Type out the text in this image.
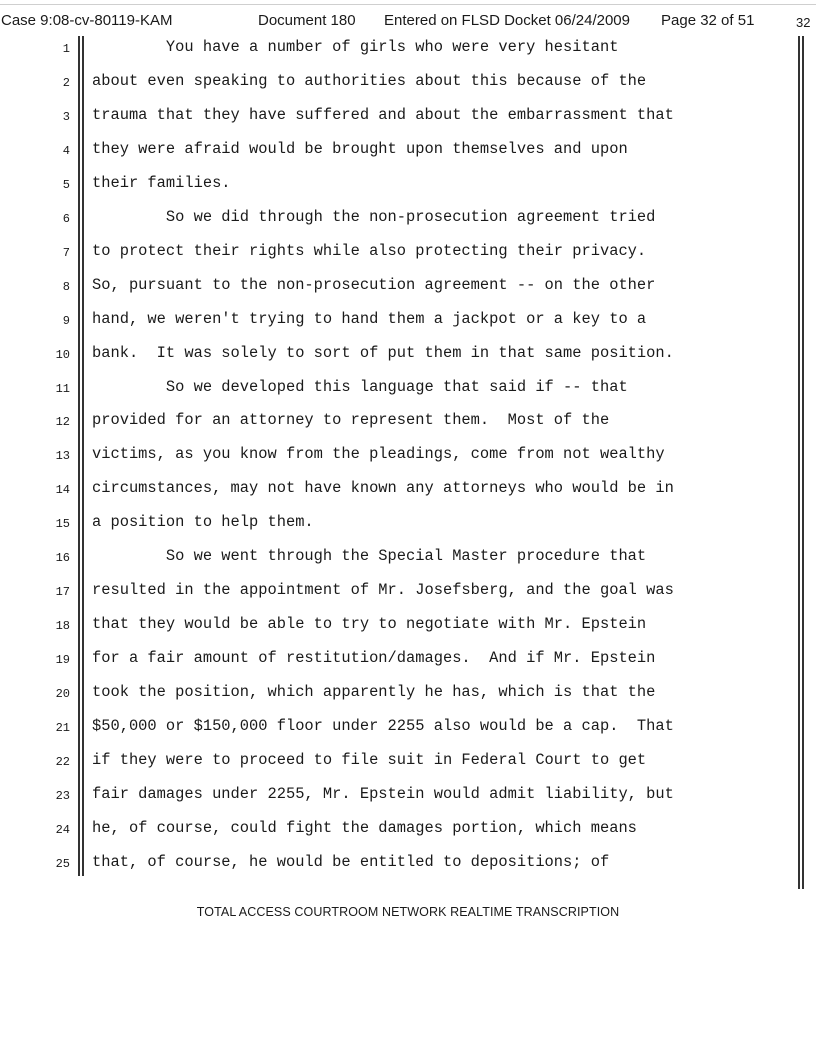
Case 9:08-cv-80119-KAM	Document 180 Entered on FLSD Docket 06/24/2009 Page 32 of 51	32
1 You have a number of girls who were very hesitant
2 about even speaking to authorities about this because of the
3 trauma that they have suffered and about the embarrassment that
4 they were afraid would be brought upon themselves and upon
5 their families.
6 So we did through the non-prosecution agreement tried
7 to protect their rights while also protecting their privacy.
8 So, pursuant to the non-prosecution agreement -- on the other
9 hand, we weren't trying to hand them a jackpot or a key to a
10 bank.  It was solely to sort of put them in that same position.
11 So we developed this language that said if -- that
12 provided for an attorney to represent them.  Most of the
13 victims, as you know from the pleadings, come from not wealthy
14 circumstances, may not have known any attorneys who would be in
15 a position to help them.
16 So we went through the Special Master procedure that
17 resulted in the appointment of Mr. Josefsberg, and the goal was
18 that they would be able to try to negotiate with Mr. Epstein
19 for a fair amount of restitution/damages.  And if Mr. Epstein
20 took the position, which apparently he has, which is that the
21 $50,000 or $150,000 floor under 2255 also would be a cap.  That
22 if they were to proceed to file suit in Federal Court to get
23 fair damages under 2255, Mr. Epstein would admit liability, but
24 he, of course, could fight the damages portion, which means
25 that, of course, he would be entitled to depositions; of
TOTAL ACCESS COURTROOM NETWORK REALTIME TRANSCRIPTION
